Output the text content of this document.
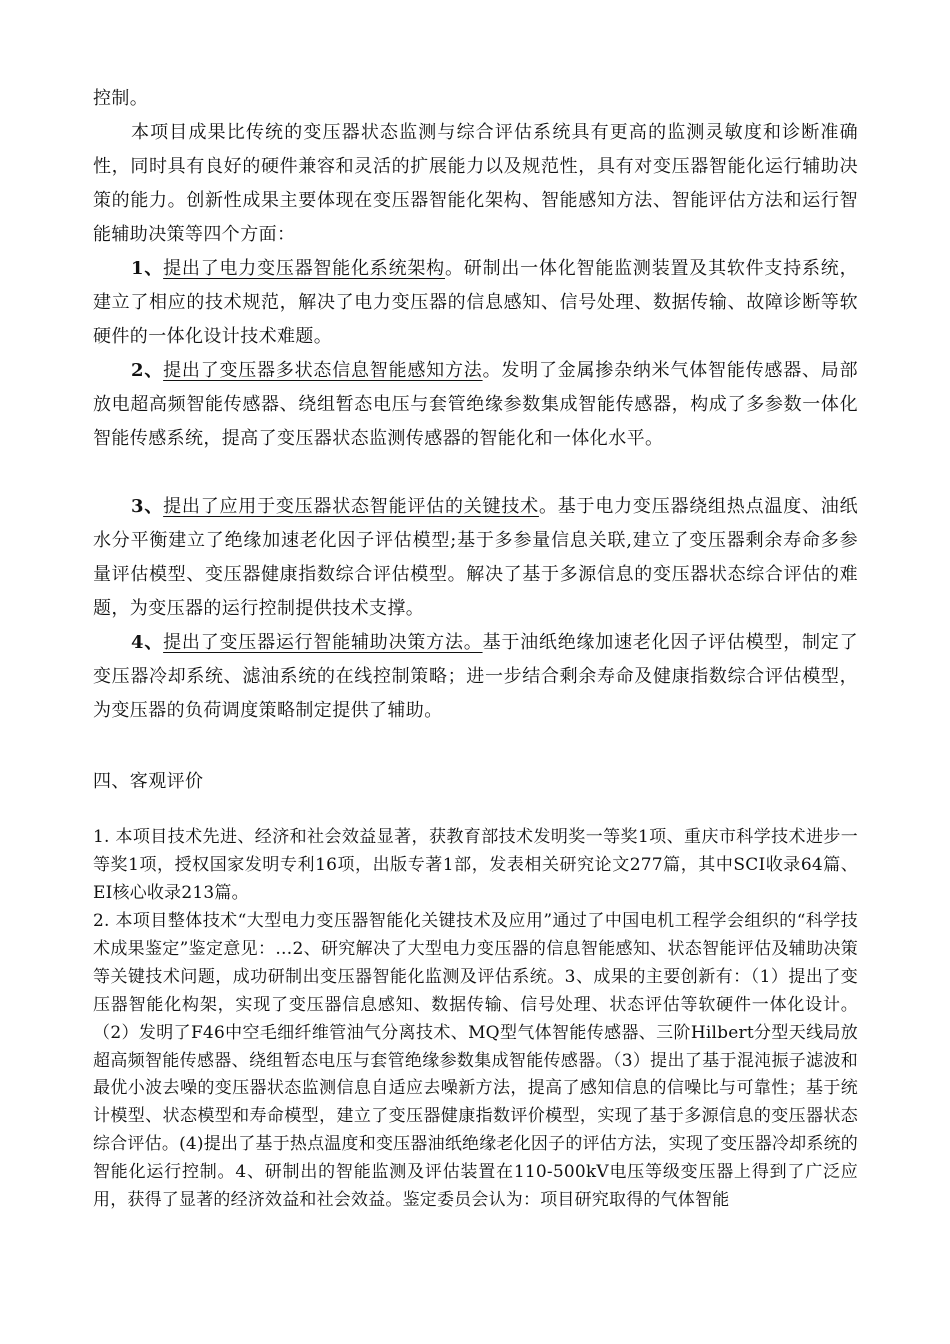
控制。
本项目成果比传统的变压器状态监测与综合评估系统具有更高的监测灵敏度和诊断准确性，同时具有良好的硬件兼容和灵活的扩展能力以及规范性，具有对变压器智能化运行辅助决策的能力。创新性成果主要体现在变压器智能化架构、智能感知方法、智能评估方法和运行智能辅助决策等四个方面：
1、提出了电力变压器智能化系统架构。研制出一体化智能监测装置及其软件支持系统，建立了相应的技术规范，解决了电力变压器的信息感知、信号处理、数据传输、故障诊断等软硬件的一体化设计技术难题。
2、提出了变压器多状态信息智能感知方法。发明了金属掺杂纳米气体智能传感器、局部放电超高频智能传感器、绕组暂态电压与套管绝缘参数集成智能传感器，构成了多参数一体化智能传感系统，提高了变压器状态监测传感器的智能化和一体化水平。
3、提出了应用于变压器状态智能评估的关键技术。基于电力变压器绕组热点温度、油纸水分平衡建立了绝缘加速老化因子评估模型;基于多参量信息关联,建立了变压器剩余寿命多参量评估模型、变压器健康指数综合评估模型。解决了基于多源信息的变压器状态综合评估的难题，为变压器的运行控制提供技术支撑。
4、提出了变压器运行智能辅助决策方法。基于油纸绝缘加速老化因子评估模型，制定了变压器冷却系统、滤油系统的在线控制策略；进一步结合剩余寿命及健康指数综合评估模型，为变压器的负荷调度策略制定提供了辅助。
四、客观评价
1. 本项目技术先进、经济和社会效益显著，获教育部技术发明奖一等奖1项、重庆市科学技术进步一等奖1项，授权国家发明专利16项，出版专著1部，发表相关研究论文277篇，其中SCI收录64篇、EI核心收录213篇。
2. 本项目整体技术“大型电力变压器智能化关键技术及应用”通过了中国电机工程学会组织的“科学技术成果鉴定”鉴定意见：…2、研究解决了大型电力变压器的信息智能感知、状态智能评估及辅助决策等关键技术问题，成功研制出变压器智能化监测及评估系统。3、成果的主要创新有：（1）提出了变压器智能化构架，实现了变压器信息感知、数据传输、信号处理、状态评估等软硬件一体化设计。（2）发明了F46中空毛细纤维管油气分离技术、MQ型气体智能传感器、三阶Hilbert分型天线局放超高频智能传感器、绕组暂态电压与套管绝缘参数集成智能传感器。（3）提出了基于混沌振子滤波和最优小波去噪的变压器状态监测信息自适应去噪新方法，提高了感知信息的信噪比与可靠性；基于统计模型、状态模型和寿命模型，建立了变压器健康指数评价模型，实现了基于多源信息的变压器状态综合评估。(4)提出了基于热点温度和变压器油纸绝缘老化因子的评估方法，实现了变压器冷却系统的智能化运行控制。4、研制出的智能监测及评估装置在110-500kV电压等级变压器上得到了广泛应用，获得了显著的经济效益和社会效益。鉴定委员会认为：项目研究取得的气体智能
